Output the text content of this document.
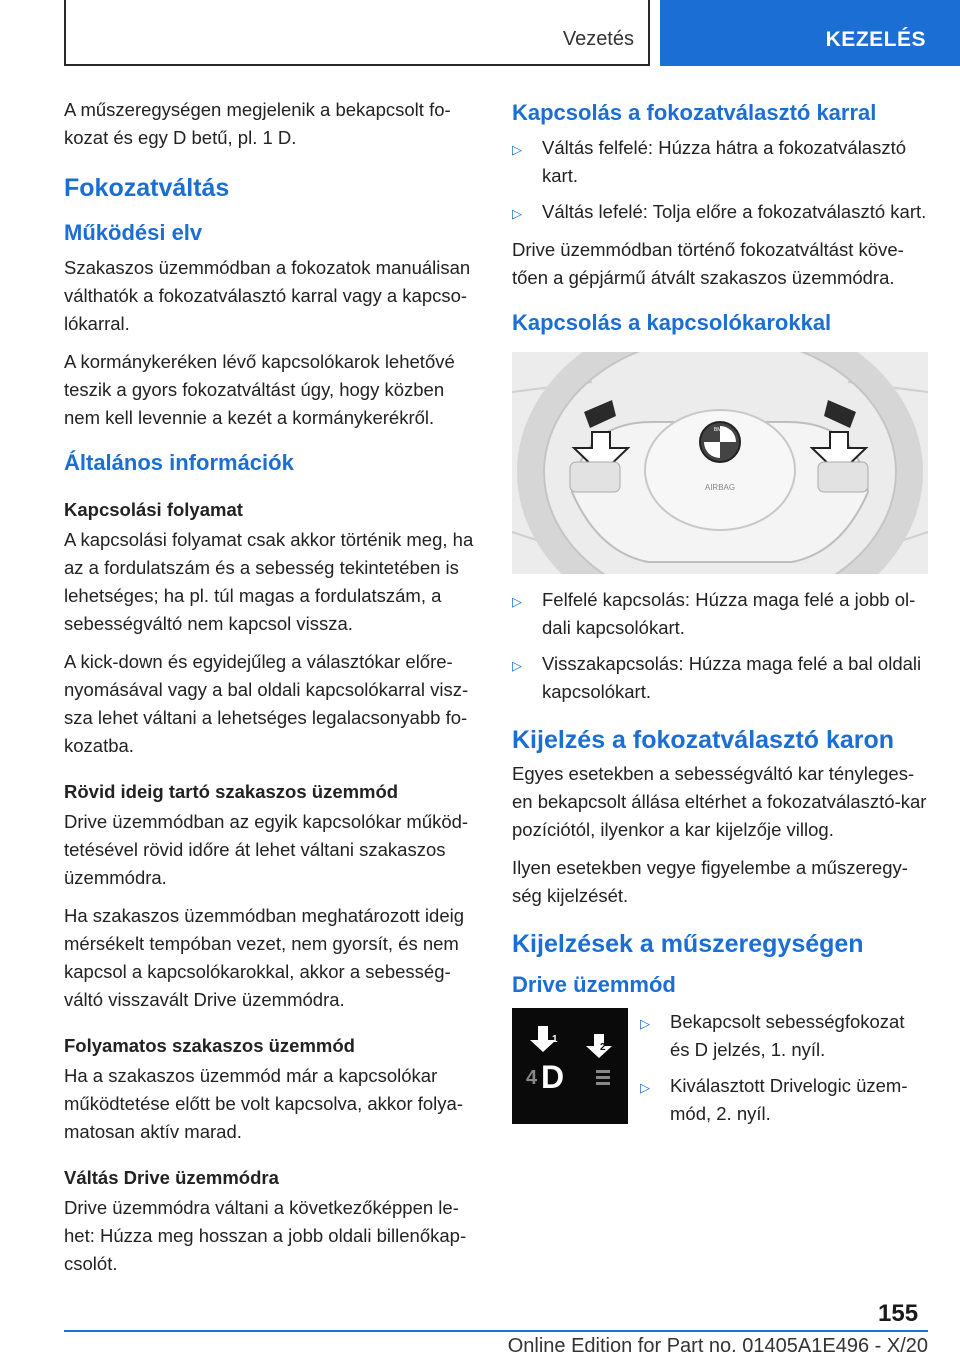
Vezetés	KEZELÉS

A műszeregységen megjelenik a bekapcsolt fo-kozat és egy D betű, pl. 1 D.

Fokozatváltás
Működési elv

Szakaszos üzemmódban a fokozatok manuálisan válthatók a fokozatválasztó karral vagy a kapcso-lókarral.

A kormánykeréken lévő kapcsolókarok lehetővé teszik a gyors fokozatváltást úgy, hogy közben nem kell levennie a kezét a kormánykerékről.

Általános információk
Kapcsolási folyamat

A kapcsolási folyamat csak akkor történik meg, ha az a fordulatszám és a sebesség tekintetében is lehetséges; ha pl. túl magas a fordulatszám, a sebességváltó nem kapcsol vissza.

A kick-down és egyidejűleg a választókar előre-nyomásával vagy a bal oldali kapcsolókarral visz-sza lehet váltani a lehetséges legalacsonyabb fo-kozatba.

Rövid ideig tartó szakaszos üzemmód

Drive üzemmódban az egyik kapcsolókar működ-tetésével rövid időre át lehet váltani szakaszos üzemmódra.

Ha szakaszos üzemmódban meghatározott ideig mérsékelt tempóban vezet, nem gyorsít, és nem kapcsol a kapcsolókarokkal, akkor a sebesség-váltó visszavált Drive üzemmódra.

Folyamatos szakaszos üzemmód

Ha a szakaszos üzemmód már a kapcsolókar működtetése előtt be volt kapcsolva, akkor folya-matosan aktív marad.

Váltás Drive üzemmódra

Drive üzemmódra váltani a következőképpen le-het: Húzza meg hosszan a jobb oldali billenőkap-csolót.

Kapcsolás a fokozatválasztó karral
▷	Váltás felfelé: Húzza hátra a fokozatválasztó kart.
▷	Váltás lefelé: Tolja előre a fokozatválasztó kart.

Drive üzemmódban történő fokozatváltást köve-tően a gépjármű átvált szakaszos üzemmódra.

Kapcsolás a kapcsolókarokkal
BMW
AIRBAG
▷	Felfelé kapcsolás: Húzza maga felé a jobb ol-dali kapcsolókart.
▷	Visszakapcsolás: Húzza maga felé a bal oldali kapcsolókart.
Kijelzés a fokozatválasztó karon

Egyes esetekben a sebességváltó kar tényleges-en bekapcsolt állása eltérhet a fokozatválasztó-kar pozíciótól, ilyenkor a kar kijelzője villog.

Ilyen esetekben vegye figyelembe a műszeregy-ség kijelzését.

Kijelzések a műszeregységen
Drive üzemmód
1
2
4 D
▷	Bekapcsolt sebességfokozat és D jelzés, 1. nyíl.
▷	Kiválasztott Drivelogic üzem-mód, 2. nyíl.
155
Online Edition for Part no. 01405A1E496 - X/20
